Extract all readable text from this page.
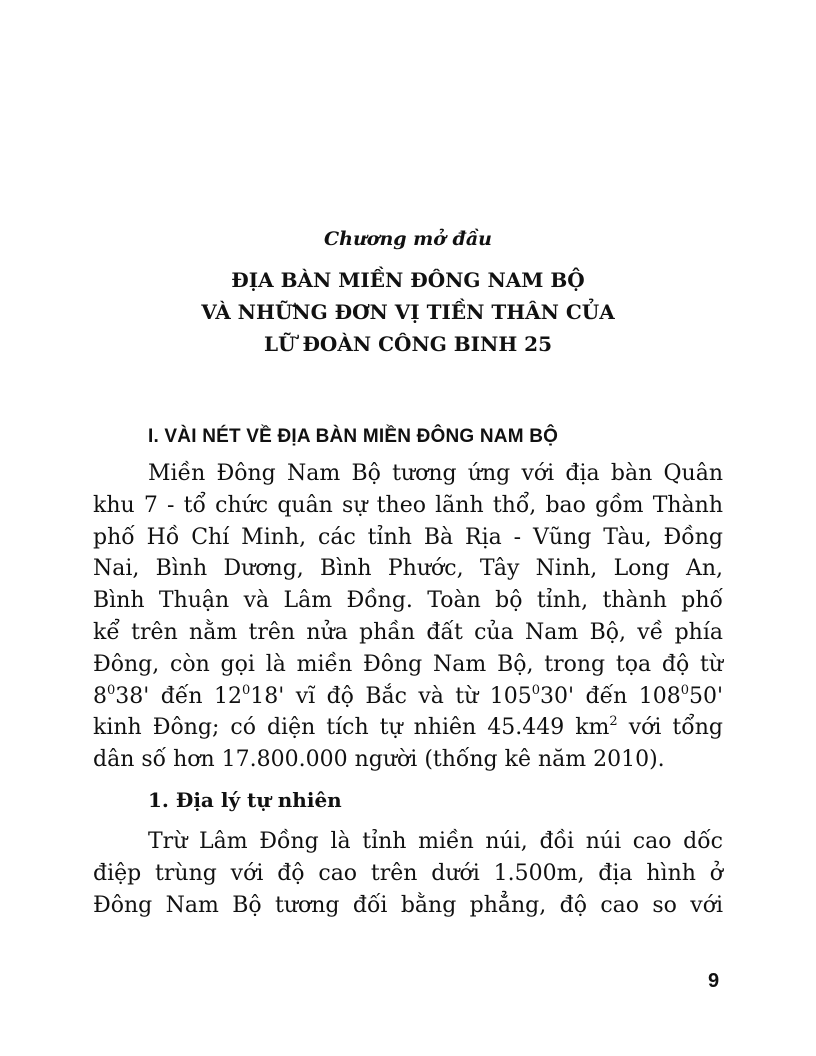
Chương mở đầu
ĐỊA BÀN MIỀN ĐÔNG NAM BỘ
VÀ NHỮNG ĐƠN VỊ TIỀN THÂN CỦA
LỮ ĐOÀN CÔNG BINH 25
I. VÀI NÉT VỀ ĐỊA BÀN MIỀN ĐÔNG NAM BỘ
Miền Đông Nam Bộ tương ứng với địa bàn Quân
khu 7 - tổ chức quân sự theo lãnh thổ, bao gồm Thành
phố Hồ Chí Minh, các tỉnh Bà Rịa - Vũng Tàu, Đồng
Nai, Bình Dương, Bình Phước, Tây Ninh, Long An,
Bình Thuận và Lâm Đồng. Toàn bộ tỉnh, thành phố
kể trên nằm trên nửa phần đất của Nam Bộ, về phía
Đông, còn gọi là miền Đông Nam Bộ, trong tọa độ từ
$8^038'$ đến $12^018'$ vĩ độ Bắc và từ $105^030'$ đến $108^050'$
kinh Đông; có diện tích tự nhiên 45.449 $km^2$ với tổng
dân số hơn 17.800.000 người (thống kê năm 2010).
1. Địa lý tự nhiên
Trừ Lâm Đồng là tỉnh miền núi, đồi núi cao dốc
điệp trùng với độ cao trên dưới 1.500m, địa hình ở
Đông Nam Bộ tương đối bằng phẳng, độ cao so với
9
